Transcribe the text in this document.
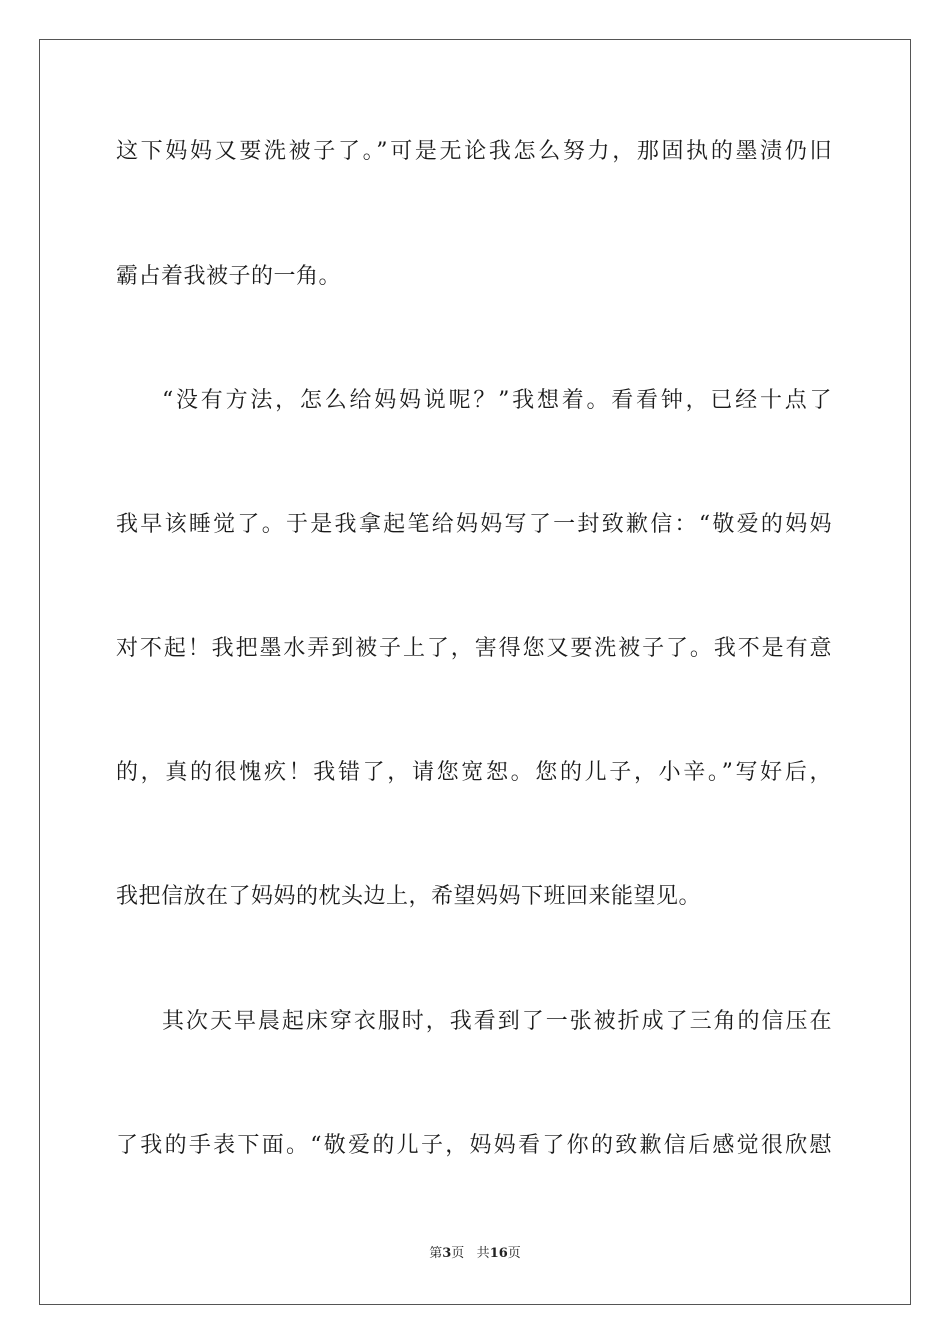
这下妈妈又要洗被子了。”可是无论我怎么努力，那固执的墨渍仍旧
霸占着我被子的一角。
“没有方法，怎么给妈妈说呢？”我想着。看看钟，已经十点了
我早该睡觉了。于是我拿起笔给妈妈写了一封致歉信：“敬爱的妈妈
对不起！我把墨水弄到被子上了，害得您又要洗被子了。我不是有意
的，真的很愧疚！我错了，请您宽恕。您的儿子，小辛。”写好后，
我把信放在了妈妈的枕头边上，希望妈妈下班回来能望见。
其次天早晨起床穿衣服时，我看到了一张被折成了三角的信压在
了我的手表下面。“敬爱的儿子，妈妈看了你的致歉信后感觉很欣慰
第3页 共16页
